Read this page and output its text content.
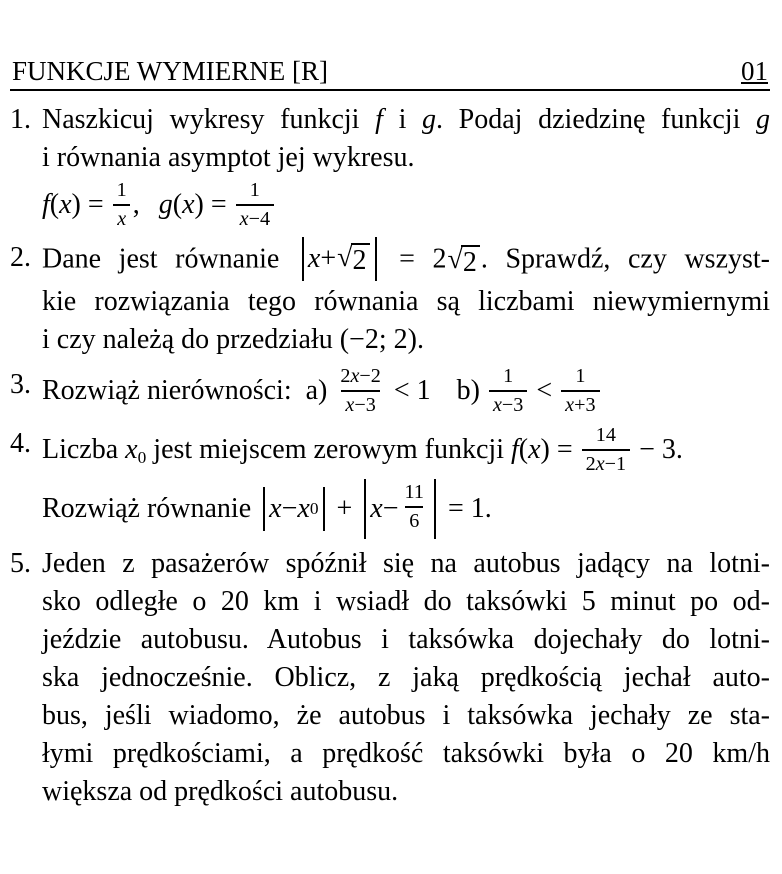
FUNKCJE WYMIERNE [R]	01
1. Naszkicuj wykresy funkcji f i g. Podaj dziedzinę funkcji g
i równania asymptot jej wykresu.
$f(x) = \frac{1}{x}$ , $g(x) = \frac{1}{x-4}$
2. Dane jest równanie x + √ 2 = 2 √ 2 . Sprawdź, czy wszyst-
kie rozwiązania tego równania są liczbami niewymiernymi
i czy należą do przedziału (−2; 2).
3. Rozwiąż nierówności:  $a) \frac{2x-2}{x-3} < 1$ $b) \frac{1}{x-3} < \frac{1}{x+3}$
4. Liczba x0 jest miejscem zerowym funkcji $f(x) = \frac{14}{2x-1} - 3$.
Rozwiąż równanie x − x $0 + x - \frac{11}{6} = 1$.
5. Jeden z pasażerów spóźnił się na autobus jadący na lotni-
sko odległe o 20 km i wsiadł do taksówki 5 minut po od-
jeździe autobusu. Autobus i taksówka dojechały do lotni-
ska jednocześnie. Oblicz, z jaką prędkością jechał auto-
bus, jeśli wiadomo, że autobus i taksówka jechały ze sta-
łymi prędkościami, a prędkość taksówki była o 20 km/h
większa od prędkości autobusu.
